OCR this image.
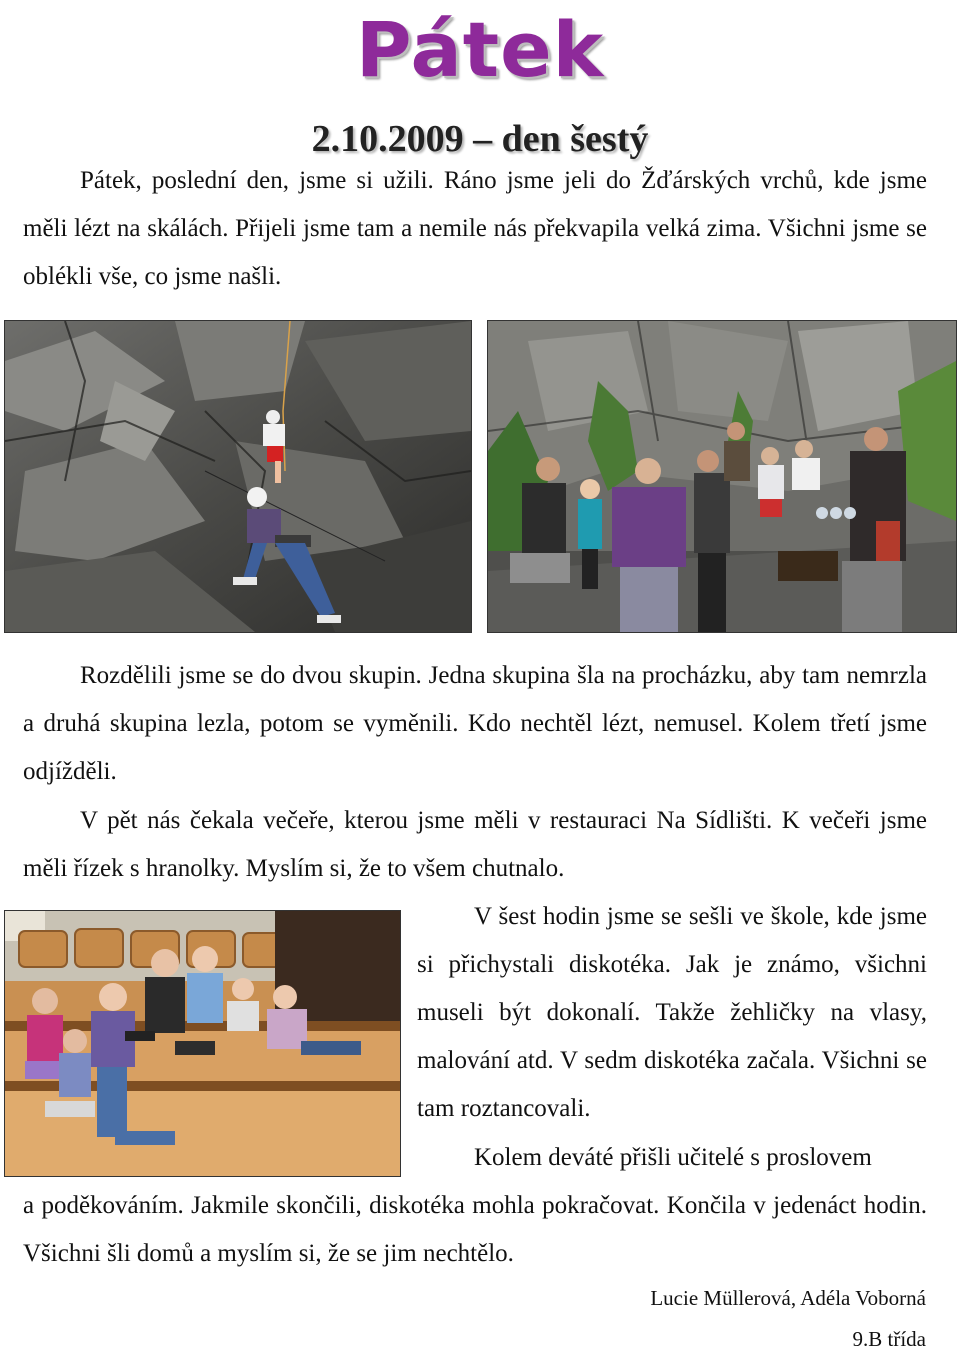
Pátek
2.10.2009 – den šestý
Pátek, poslední den, jsme si užili. Ráno jsme jeli do Žďárských vrchů, kde jsme měli lézt na skálách. Přijeli jsme tam a nemile nás překvapila velká zima. Všichni jsme se oblékli vše, co jsme našli.
Rozdělili jsme se do dvou skupin. Jedna skupina šla na procházku, aby tam nemrzla a druhá skupina lezla, potom se vyměnili. Kdo nechtěl lézt, nemusel. Kolem třetí jsme odjížděli.
V pět nás čekala večeře, kterou jsme měli v restauraci Na Sídlišti. K večeři jsme měli řízek s hranolky. Myslím si, že to všem chutnalo.
V šest hodin jsme se sešli ve škole, kde jsme si přichystali diskotéka. Jak je známo, všichni museli být dokonalí. Takže žehličky na vlasy, malování atd. V sedm diskotéka začala. Všichni se tam roztancovali.
Kolem deváté přišli učitelé s proslovem
a poděkováním. Jakmile skončili, diskotéka mohla pokračovat. Končila v jedenáct hodin. Všichni šli domů a myslím si, že se jim nechtělo.
Lucie Müllerová, Adéla Voborná
9.B třída
